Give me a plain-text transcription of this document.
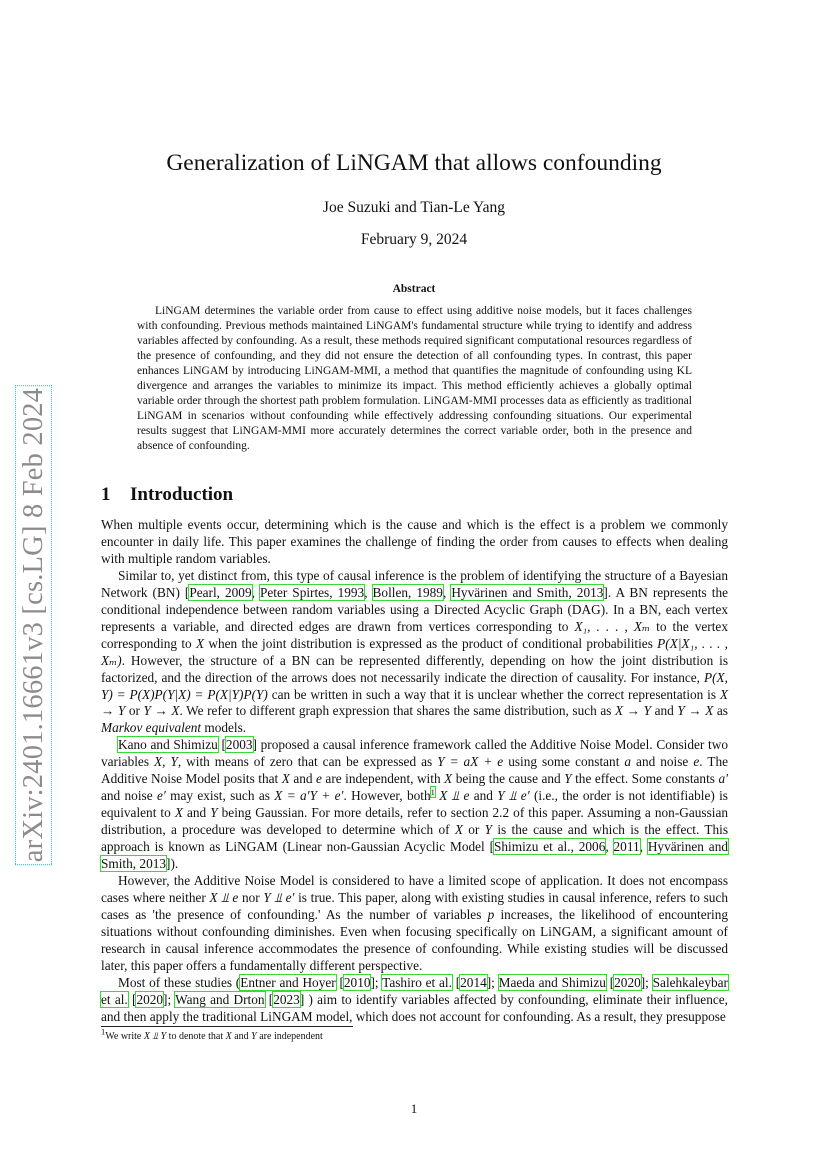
arXiv:2401.16661v3 [cs.LG] 8 Feb 2024
Generalization of LiNGAM that allows confounding
Joe Suzuki and Tian-Le Yang
February 9, 2024
Abstract

LiNGAM determines the variable order from cause to effect using additive noise models, but it faces challenges with confounding. Previous methods maintained LiNGAM's fundamental structure while trying to identify and address variables affected by confounding. As a result, these methods required significant computational resources regardless of the presence of confounding, and they did not ensure the detection of all confounding types. In contrast, this paper enhances LiNGAM by introducing LiNGAM-MMI, a method that quantifies the magnitude of confounding using KL divergence and arranges the variables to minimize its impact. This method efficiently achieves a globally optimal variable order through the shortest path problem formulation. LiNGAM-MMI processes data as efficiently as traditional LiNGAM in scenarios without confounding while effectively addressing confounding situations. Our experimental results suggest that LiNGAM-MMI more accurately determines the correct variable order, both in the presence and absence of confounding.

1 Introduction

When multiple events occur, determining which is the cause and which is the effect is a problem we commonly encounter in daily life. This paper examines the challenge of finding the order from causes to effects when dealing with multiple random variables.

Similar to, yet distinct from, this type of causal inference is the problem of identifying the structure of a Bayesian Network (BN) [Pearl, 2009, Peter Spirtes, 1993, Bollen, 1989, Hyvärinen and Smith, 2013]. A BN represents the conditional independence between random variables using a Directed Acyclic Graph (DAG). In a BN, each vertex represents a variable, and directed edges are drawn from vertices corresponding to X₁, . . . , Xₘ to the vertex corresponding to X when the joint distribution is expressed as the product of conditional probabilities P(X|X₁, . . . , Xₘ). However, the structure of a BN can be represented differently, depending on how the joint distribution is factorized, and the direction of the arrows does not necessarily indicate the direction of causality. For instance, P(X, Y) = P(X)P(Y|X) = P(X|Y)P(Y) can be written in such a way that it is unclear whether the correct representation is X → Y or Y → X. We refer to different graph expression that shares the same distribution, such as X → Y and Y → X as Markov equivalent models.

Kano and Shimizu [2003] proposed a causal inference framework called the Additive Noise Model. Consider two variables X, Y, with means of zero that can be expressed as Y = aX + e using some constant a and noise e. The Additive Noise Model posits that X and e are independent, with X being the cause and Y the effect. Some constants a′ and noise e′ may exist, such as X = a′Y + e′. However, both$^1$ X ⫫ e and Y ⫫ e′ (i.e., the order is not identifiable) is equivalent to X and Y being Gaussian. For more details, refer to section 2.2 of this paper. Assuming a non-Gaussian distribution, a procedure was developed to determine which of X or Y is the cause and which is the effect. This approach is known as LiNGAM (Linear non-Gaussian Acyclic Model [Shimizu et al., 2006, 2011, Hyvärinen and Smith, 2013]).

However, the Additive Noise Model is considered to have a limited scope of application. It does not encompass cases where neither X ⫫ e nor Y ⫫ e′ is true. This paper, along with existing studies in causal inference, refers to such cases as 'the presence of confounding.' As the number of variables p increases, the likelihood of encountering situations without confounding diminishes. Even when focusing specifically on LiNGAM, a significant amount of research in causal inference accommodates the presence of confounding. While existing studies will be discussed later, this paper offers a fundamentally different perspective.

Most of these studies (Entner and Hoyer [2010]; Tashiro et al. [2014]; Maeda and Shimizu [2020]; Salehkaleybar et al. [2020]; Wang and Drton [2023] ) aim to identify variables affected by confounding, eliminate their influence, and then apply the traditional LiNGAM model, which does not account for confounding. As a result, they presuppose

$^1$We write X ⫫ Y to denote that X and Y are independent
1
